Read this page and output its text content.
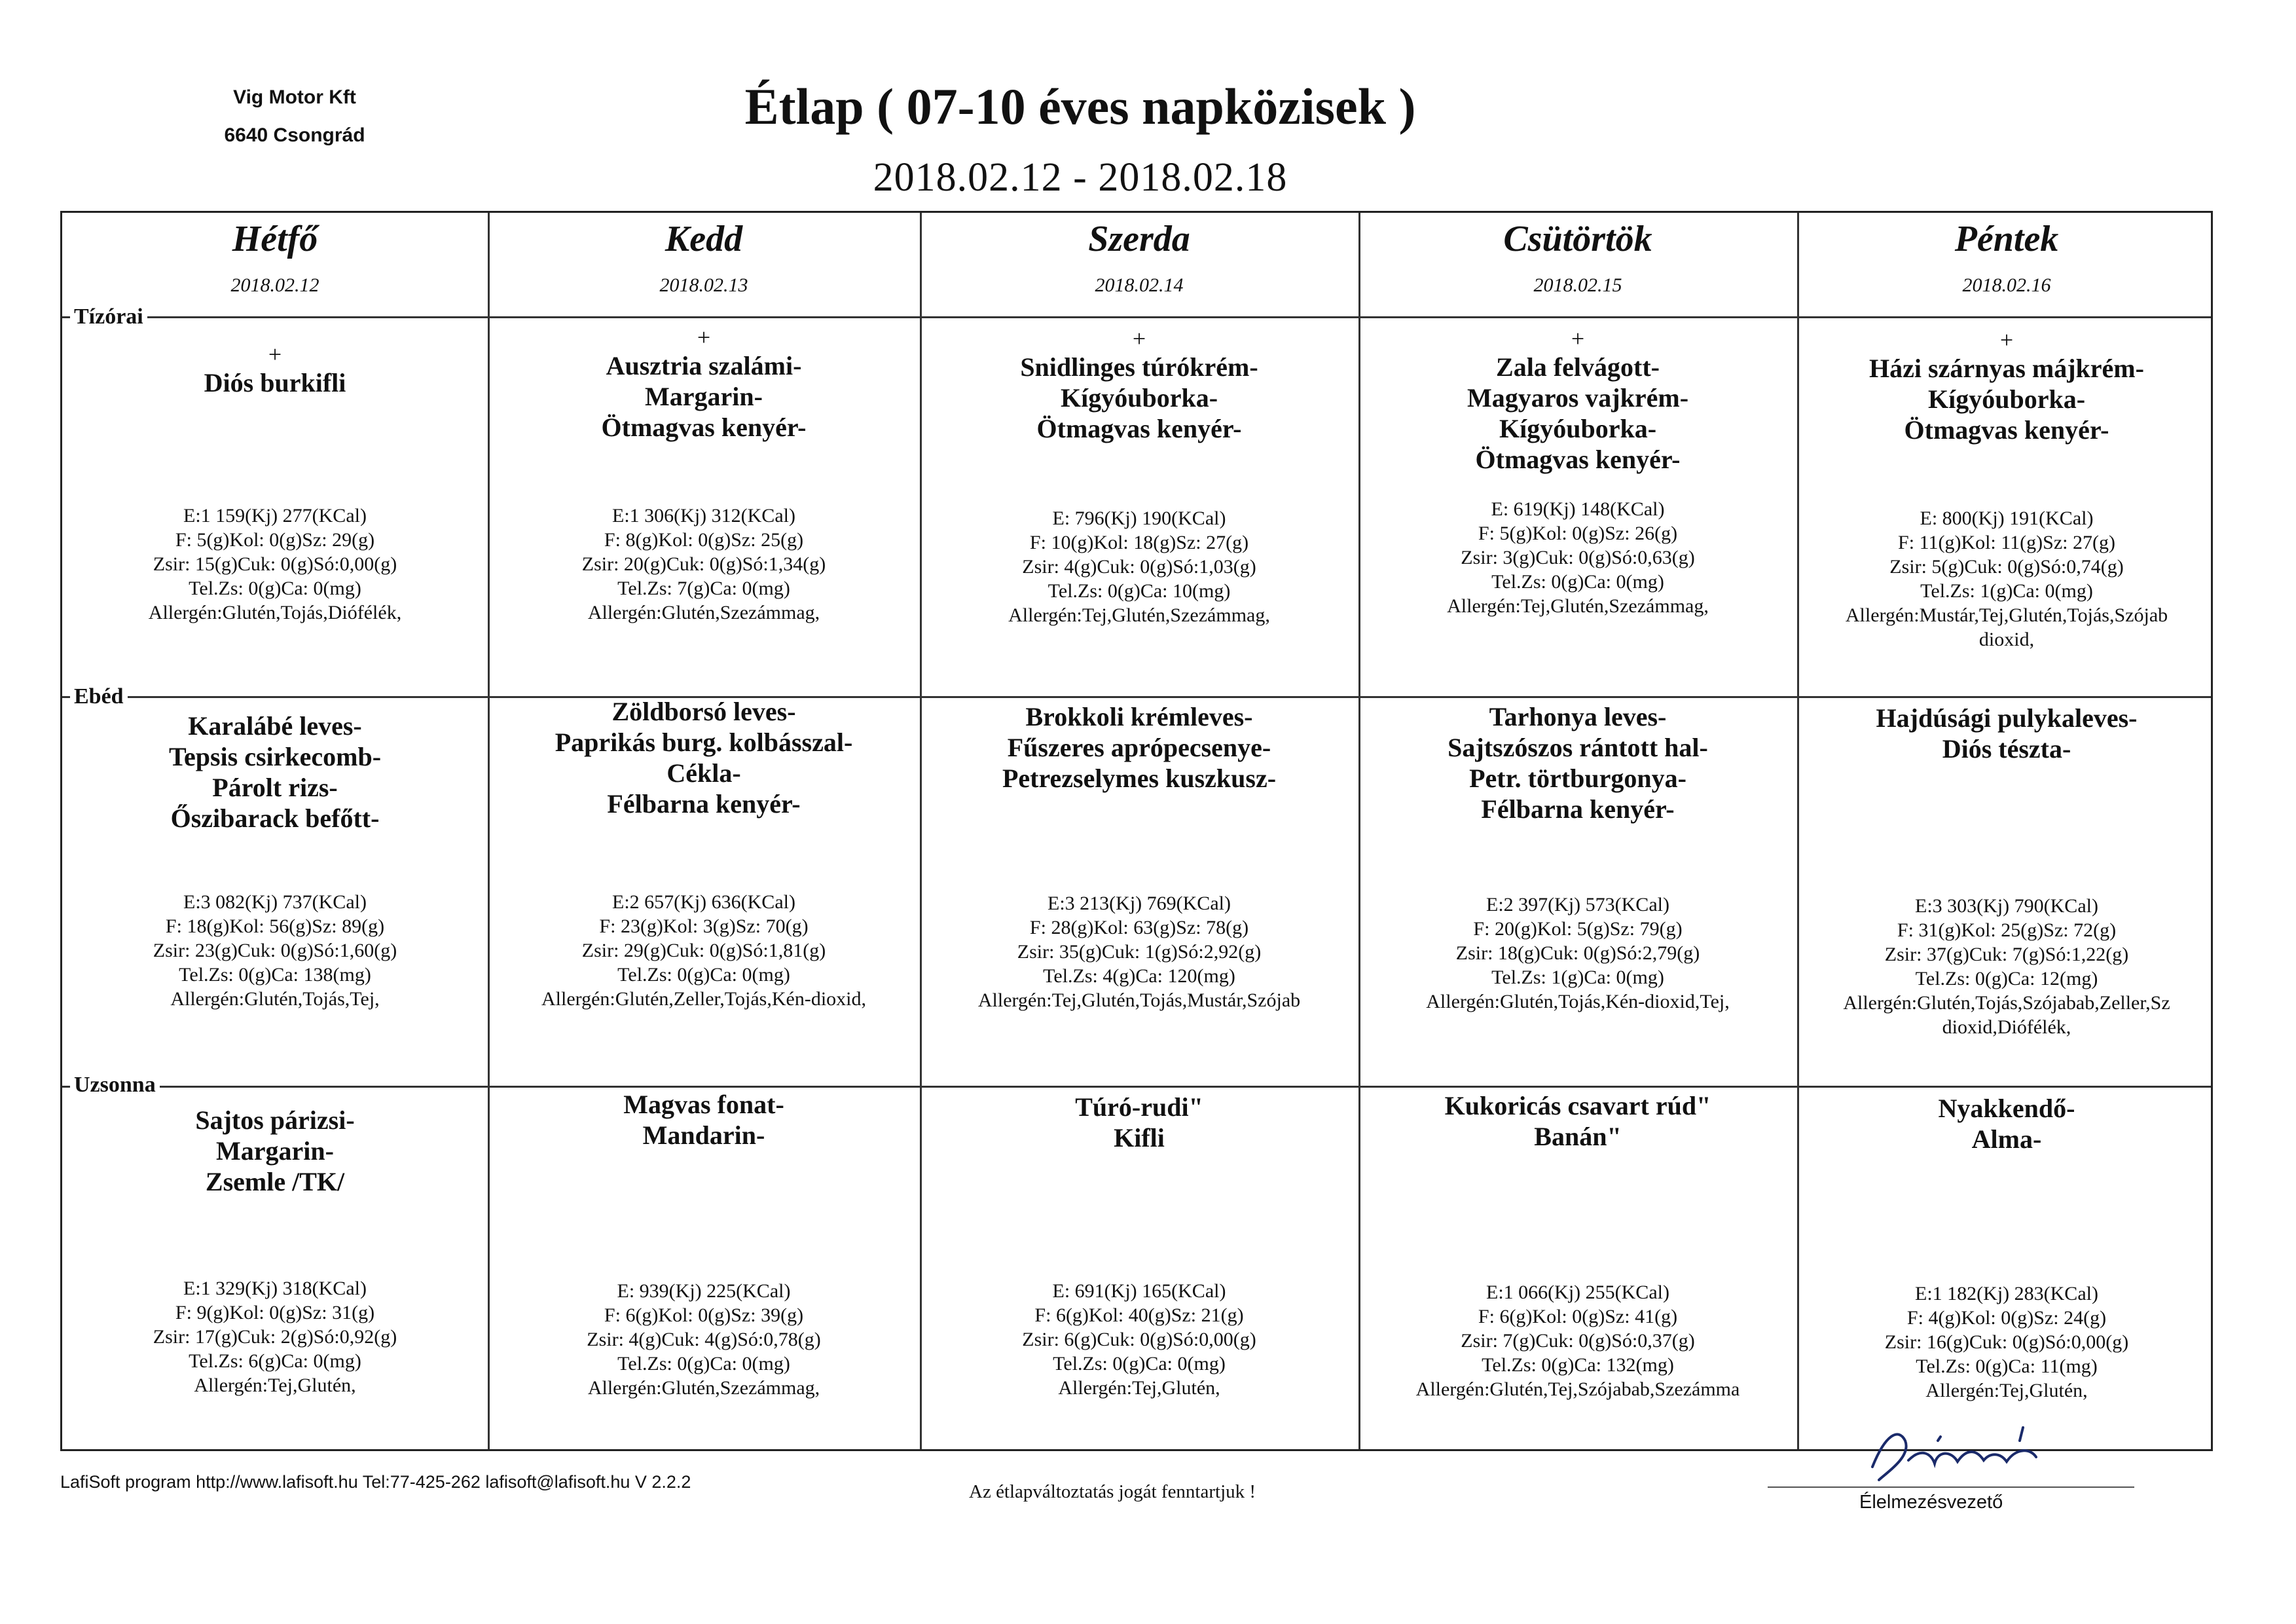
Vig Motor Kft
6640 Csongrád
Étlap ( 07-10 éves napközisek )
2018.02.12 - 2018.02.18
Hétfő
2018.02.12
Kedd
2018.02.13
Szerda
2018.02.14
Csütörtök
2018.02.15
Péntek
2018.02.16
Tízórai
Ebéd
Uzsonna
+
Diós burkifli
+
Ausztria szalámi-
Margarin-
Ötmagvas kenyér-
+
Snidlinges túrókrém-
Kígyóuborka-
Ötmagvas kenyér-
+
Zala felvágott-
Magyaros vajkrém-
Kígyóuborka-
Ötmagvas kenyér-
+
Házi szárnyas májkrém-
Kígyóuborka-
Ötmagvas kenyér-
E:1 159(Kj) 277(KCal)
F: 5(g)Kol: 0(g)Sz: 29(g)
Zsir: 15(g)Cuk: 0(g)Só:0,00(g)
Tel.Zs: 0(g)Ca: 0(mg)
Allergén:Glutén,Tojás,Diófélék,
E:1 306(Kj) 312(KCal)
F: 8(g)Kol: 0(g)Sz: 25(g)
Zsir: 20(g)Cuk: 0(g)Só:1,34(g)
Tel.Zs: 7(g)Ca: 0(mg)
Allergén:Glutén,Szezámmag,
E: 796(Kj) 190(KCal)
F: 10(g)Kol: 18(g)Sz: 27(g)
Zsir: 4(g)Cuk: 0(g)Só:1,03(g)
Tel.Zs: 0(g)Ca: 10(mg)
Allergén:Tej,Glutén,Szezámmag,
E: 619(Kj) 148(KCal)
F: 5(g)Kol: 0(g)Sz: 26(g)
Zsir: 3(g)Cuk: 0(g)Só:0,63(g)
Tel.Zs: 0(g)Ca: 0(mg)
Allergén:Tej,Glutén,Szezámmag,
E: 800(Kj) 191(KCal)
F: 11(g)Kol: 11(g)Sz: 27(g)
Zsir: 5(g)Cuk: 0(g)Só:0,74(g)
Tel.Zs: 1(g)Ca: 0(mg)
Allergén:Mustár,Tej,Glutén,Tojás,Szójab
dioxid,
Karalábé leves-
Tepsis csirkecomb-
Párolt rizs-
Őszibarack befőtt-
Zöldborsó leves-
Paprikás burg. kolbásszal-
Cékla-
Félbarna kenyér-
Brokkoli krémleves-
Fűszeres aprópecsenye-
Petrezselymes kuszkusz-
Tarhonya leves-
Sajtszószos rántott hal-
Petr. törtburgonya-
Félbarna kenyér-
Hajdúsági pulykaleves-
Diós tészta-
E:3 082(Kj) 737(KCal)
F: 18(g)Kol: 56(g)Sz: 89(g)
Zsir: 23(g)Cuk: 0(g)Só:1,60(g)
Tel.Zs: 0(g)Ca: 138(mg)
Allergén:Glutén,Tojás,Tej,
E:2 657(Kj) 636(KCal)
F: 23(g)Kol: 3(g)Sz: 70(g)
Zsir: 29(g)Cuk: 0(g)Só:1,81(g)
Tel.Zs: 0(g)Ca: 0(mg)
Allergén:Glutén,Zeller,Tojás,Kén-dioxid,
E:3 213(Kj) 769(KCal)
F: 28(g)Kol: 63(g)Sz: 78(g)
Zsir: 35(g)Cuk: 1(g)Só:2,92(g)
Tel.Zs: 4(g)Ca: 120(mg)
Allergén:Tej,Glutén,Tojás,Mustár,Szójab
E:2 397(Kj) 573(KCal)
F: 20(g)Kol: 5(g)Sz: 79(g)
Zsir: 18(g)Cuk: 0(g)Só:2,79(g)
Tel.Zs: 1(g)Ca: 0(mg)
Allergén:Glutén,Tojás,Kén-dioxid,Tej,
E:3 303(Kj) 790(KCal)
F: 31(g)Kol: 25(g)Sz: 72(g)
Zsir: 37(g)Cuk: 7(g)Só:1,22(g)
Tel.Zs: 0(g)Ca: 12(mg)
Allergén:Glutén,Tojás,Szójabab,Zeller,Sz
dioxid,Diófélék,
Sajtos párizsi-
Margarin-
Zsemle /TK/
Magvas fonat-
Mandarin-
Túró-rudi"
Kifli
Kukoricás csavart rúd"
Banán"
Nyakkendő-
Alma-
E:1 329(Kj) 318(KCal)
F: 9(g)Kol: 0(g)Sz: 31(g)
Zsir: 17(g)Cuk: 2(g)Só:0,92(g)
Tel.Zs: 6(g)Ca: 0(mg)
Allergén:Tej,Glutén,
E: 939(Kj) 225(KCal)
F: 6(g)Kol: 0(g)Sz: 39(g)
Zsir: 4(g)Cuk: 4(g)Só:0,78(g)
Tel.Zs: 0(g)Ca: 0(mg)
Allergén:Glutén,Szezámmag,
E: 691(Kj) 165(KCal)
F: 6(g)Kol: 40(g)Sz: 21(g)
Zsir: 6(g)Cuk: 0(g)Só:0,00(g)
Tel.Zs: 0(g)Ca: 0(mg)
Allergén:Tej,Glutén,
E:1 066(Kj) 255(KCal)
F: 6(g)Kol: 0(g)Sz: 41(g)
Zsir: 7(g)Cuk: 0(g)Só:0,37(g)
Tel.Zs: 0(g)Ca: 132(mg)
Allergén:Glutén,Tej,Szójabab,Szezámma
E:1 182(Kj) 283(KCal)
F: 4(g)Kol: 0(g)Sz: 24(g)
Zsir: 16(g)Cuk: 0(g)Só:0,00(g)
Tel.Zs: 0(g)Ca: 11(mg)
Allergén:Tej,Glutén,
LafiSoft program http://www.lafisoft.hu Tel:77-425-262 lafisoft@lafisoft.hu V 2.2.2	Az étlapváltoztatás jogát fenntartjuk !	Élelmezésvezető
